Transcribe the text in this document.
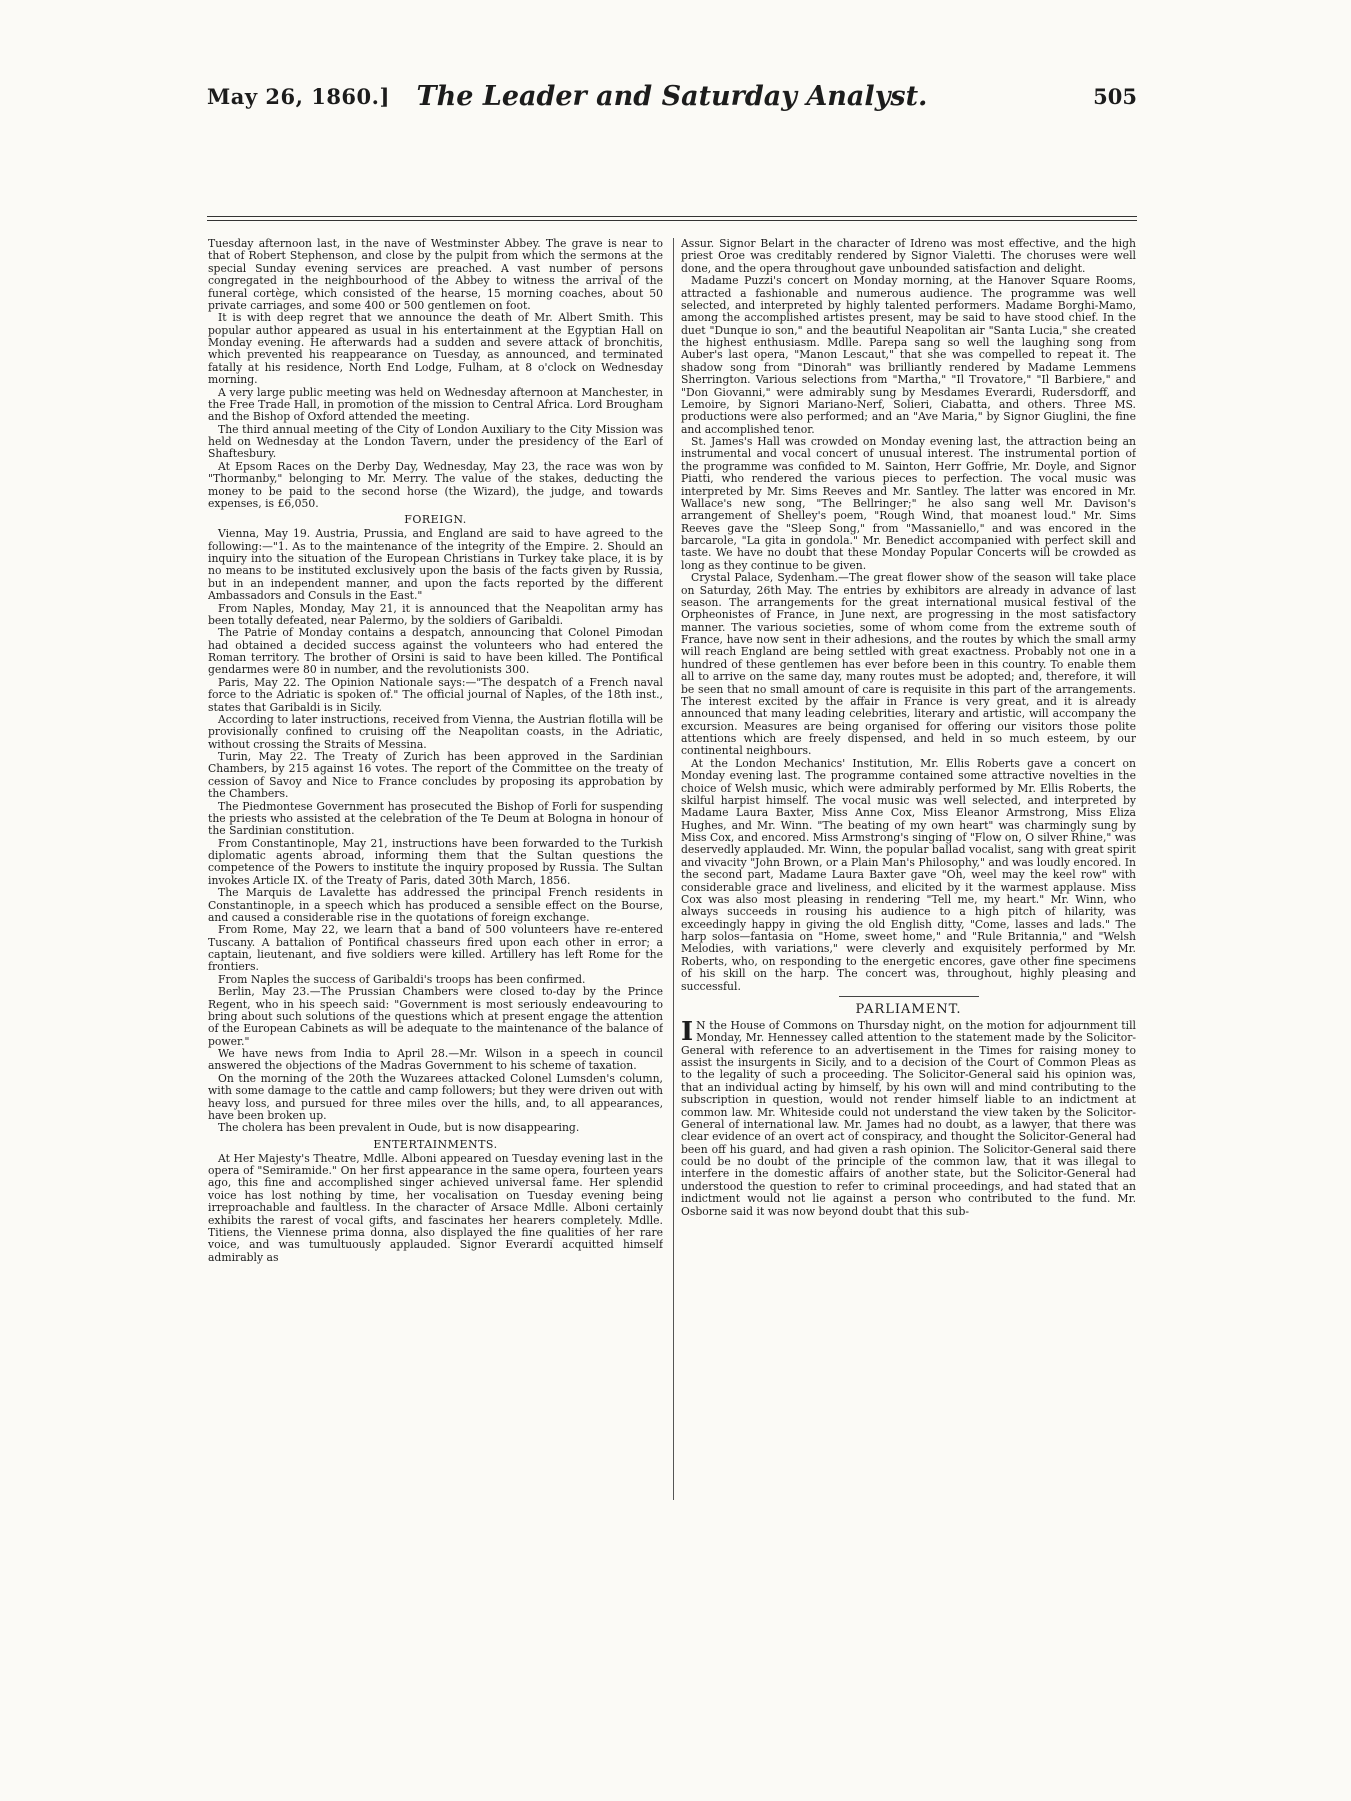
May 26, 1860.] The Leader and Saturday Analyst.	505

Tuesday afternoon last, in the nave of Westminster Abbey. The grave is near to that of Robert Stephenson, and close by the pulpit from which the sermons at the special Sunday evening services are preached. A vast number of persons congregated in the neighbourhood of the Abbey to witness the arrival of the funeral cortège, which consisted of the hearse, 15 morning coaches, about 50 private carriages, and some 400 or 500 gentlemen on foot.

It is with deep regret that we announce the death of Mr. Albert Smith. This popular author appeared as usual in his entertainment at the Egyptian Hall on Monday evening. He afterwards had a sudden and severe attack of bronchitis, which prevented his reappearance on Tuesday, as announced, and terminated fatally at his residence, North End Lodge, Fulham, at 8 o'clock on Wednesday morning.

A very large public meeting was held on Wednesday afternoon at Manchester, in the Free Trade Hall, in promotion of the mission to Central Africa. Lord Brougham and the Bishop of Oxford attended the meeting.

The third annual meeting of the City of London Auxiliary to the City Mission was held on Wednesday at the London Tavern, under the presidency of the Earl of Shaftesbury.

At Epsom Races on the Derby Day, Wednesday, May 23, the race was won by "Thormanby," belonging to Mr. Merry. The value of the stakes, deducting the money to be paid to the second horse (the Wizard), the judge, and towards expenses, is £6,050.

FOREIGN.

Vienna, May 19. Austria, Prussia, and England are said to have agreed to the following:—"1. As to the maintenance of the integrity of the Empire. 2. Should an inquiry into the situation of the European Christians in Turkey take place, it is by no means to be instituted exclusively upon the basis of the facts given by Russia, but in an independent manner, and upon the facts reported by the different Ambassadors and Consuls in the East."

From Naples, Monday, May 21, it is announced that the Neapolitan army has been totally defeated, near Palermo, by the soldiers of Garibaldi.

The Patrie of Monday contains a despatch, announcing that Colonel Pimodan had obtained a decided success against the volunteers who had entered the Roman territory. The brother of Orsini is said to have been killed. The Pontifical gendarmes were 80 in number, and the revolutionists 300.

Paris, May 22. The Opinion Nationale says:—"The despatch of a French naval force to the Adriatic is spoken of." The official journal of Naples, of the 18th inst., states that Garibaldi is in Sicily.

According to later instructions, received from Vienna, the Austrian flotilla will be provisionally confined to cruising off the Neapolitan coasts, in the Adriatic, without crossing the Straits of Messina.

Turin, May 22. The Treaty of Zurich has been approved in the Sardinian Chambers, by 215 against 16 votes. The report of the Committee on the treaty of cession of Savoy and Nice to France concludes by proposing its approbation by the Chambers.

The Piedmontese Government has prosecuted the Bishop of Forli for suspending the priests who assisted at the celebration of the Te Deum at Bologna in honour of the Sardinian constitution.

From Constantinople, May 21, instructions have been forwarded to the Turkish diplomatic agents abroad, informing them that the Sultan questions the competence of the Powers to institute the inquiry proposed by Russia. The Sultan invokes Article IX. of the Treaty of Paris, dated 30th March, 1856.

The Marquis de Lavalette has addressed the principal French residents in Constantinople, in a speech which has produced a sensible effect on the Bourse, and caused a considerable rise in the quotations of foreign exchange.

From Rome, May 22, we learn that a band of 500 volunteers have re-entered Tuscany. A battalion of Pontifical chasseurs fired upon each other in error; a captain, lieutenant, and five soldiers were killed. Artillery has left Rome for the frontiers.

From Naples the success of Garibaldi's troops has been confirmed.

Berlin, May 23.—The Prussian Chambers were closed to-day by the Prince Regent, who in his speech said: "Government is most seriously endeavouring to bring about such solutions of the questions which at present engage the attention of the European Cabinets as will be adequate to the maintenance of the balance of power."

We have news from India to April 28.—Mr. Wilson in a speech in council answered the objections of the Madras Government to his scheme of taxation.

On the morning of the 20th the Wuzarees attacked Colonel Lumsden's column, with some damage to the cattle and camp followers; but they were driven out with heavy loss, and pursued for three miles over the hills, and, to all appearances, have been broken up.

The cholera has been prevalent in Oude, but is now disappearing.

ENTERTAINMENTS.

At Her Majesty's Theatre, Mdlle. Alboni appeared on Tuesday evening last in the opera of "Semiramide." On her first appearance in the same opera, fourteen years ago, this fine and accomplished singer achieved universal fame. Her splendid voice has lost nothing by time, her vocalisation on Tuesday evening being irreproachable and faultless. In the character of Arsace Mdlle. Alboni certainly exhibits the rarest of vocal gifts, and fascinates her hearers completely. Mdlle. Titiens, the Viennese prima donna, also displayed the fine qualities of her rare voice, and was tumultuously applauded. Signor Everardi acquitted himself admirably as

Assur. Signor Belart in the character of Idreno was most effective, and the high priest Oroe was creditably rendered by Signor Vialetti. The choruses were well done, and the opera throughout gave unbounded satisfaction and delight.

Madame Puzzi's concert on Monday morning, at the Hanover Square Rooms, attracted a fashionable and numerous audience. The programme was well selected, and interpreted by highly talented performers. Madame Borghi-Mamo, among the accomplished artistes present, may be said to have stood chief. In the duet "Dunque io son," and the beautiful Neapolitan air "Santa Lucia," she created the highest enthusiasm. Mdlle. Parepa sang so well the laughing song from Auber's last opera, "Manon Lescaut," that she was compelled to repeat it. The shadow song from "Dinorah" was brilliantly rendered by Madame Lemmens Sherrington. Various selections from "Martha," "Il Trovatore," "Il Barbiere," and "Don Giovanni," were admirably sung by Mesdames Everardi, Rudersdorff, and Lemoire, by Signori Mariano-Nerf, Solieri, Ciabatta, and others. Three MS. productions were also performed; and an "Ave Maria," by Signor Giuglini, the fine and accomplished tenor.

St. James's Hall was crowded on Monday evening last, the attraction being an instrumental and vocal concert of unusual interest. The instrumental portion of the programme was confided to M. Sainton, Herr Goffrie, Mr. Doyle, and Signor Piatti, who rendered the various pieces to perfection. The vocal music was interpreted by Mr. Sims Reeves and Mr. Santley. The latter was encored in Mr. Wallace's new song, "The Bellringer;" he also sang well Mr. Davison's arrangement of Shelley's poem, "Rough Wind, that moanest loud." Mr. Sims Reeves gave the "Sleep Song," from "Massaniello," and was encored in the barcarole, "La gita in gondola." Mr. Benedict accompanied with perfect skill and taste. We have no doubt that these Monday Popular Concerts will be crowded as long as they continue to be given.

Crystal Palace, Sydenham.—The great flower show of the season will take place on Saturday, 26th May. The entries by exhibitors are already in advance of last season. The arrangements for the great international musical festival of the Orpheonistes of France, in June next, are progressing in the most satisfactory manner. The various societies, some of whom come from the extreme south of France, have now sent in their adhesions, and the routes by which the small army will reach England are being settled with great exactness. Probably not one in a hundred of these gentlemen has ever before been in this country. To enable them all to arrive on the same day, many routes must be adopted; and, therefore, it will be seen that no small amount of care is requisite in this part of the arrangements. The interest excited by the affair in France is very great, and it is already announced that many leading celebrities, literary and artistic, will accompany the excursion. Measures are being organised for offering our visitors those polite attentions which are freely dispensed, and held in so much esteem, by our continental neighbours.

At the London Mechanics' Institution, Mr. Ellis Roberts gave a concert on Monday evening last. The programme contained some attractive novelties in the choice of Welsh music, which were admirably performed by Mr. Ellis Roberts, the skilful harpist himself. The vocal music was well selected, and interpreted by Madame Laura Baxter, Miss Anne Cox, Miss Eleanor Armstrong, Miss Eliza Hughes, and Mr. Winn. "The beating of my own heart" was charmingly sung by Miss Cox, and encored. Miss Armstrong's singing of "Flow on, O silver Rhine," was deservedly applauded. Mr. Winn, the popular ballad vocalist, sang with great spirit and vivacity "John Brown, or a Plain Man's Philosophy," and was loudly encored. In the second part, Madame Laura Baxter gave "Oh, weel may the keel row" with considerable grace and liveliness, and elicited by it the warmest applause. Miss Cox was also most pleasing in rendering "Tell me, my heart." Mr. Winn, who always succeeds in rousing his audience to a high pitch of hilarity, was exceedingly happy in giving the old English ditty, "Come, lasses and lads." The harp solos—fantasia on "Home, sweet home," and "Rule Britannia," and "Welsh Melodies, with variations," were cleverly and exquisitely performed by Mr. Roberts, who, on responding to the energetic encores, gave other fine specimens of his skill on the harp. The concert was, throughout, highly pleasing and successful.

PARLIAMENT.

I N the House of Commons on Thursday night, on the motion for adjournment till Monday, Mr. Hennessey called attention to the statement made by the Solicitor-General with reference to an advertisement in the Times for raising money to assist the insurgents in Sicily, and to a decision of the Court of Common Pleas as to the legality of such a proceeding. The Solicitor-General said his opinion was, that an individual acting by himself, by his own will and mind contributing to the subscription in question, would not render himself liable to an indictment at common law. Mr. Whiteside could not understand the view taken by the Solicitor-General of international law. Mr. James had no doubt, as a lawyer, that there was clear evidence of an overt act of conspiracy, and thought the Solicitor-General had been off his guard, and had given a rash opinion. The Solicitor-General said there could be no doubt of the principle of the common law, that it was illegal to interfere in the domestic affairs of another state, but the Solicitor-General had understood the question to refer to criminal proceedings, and had stated that an indictment would not lie against a person who contributed to the fund. Mr. Osborne said it was now beyond doubt that this sub-
